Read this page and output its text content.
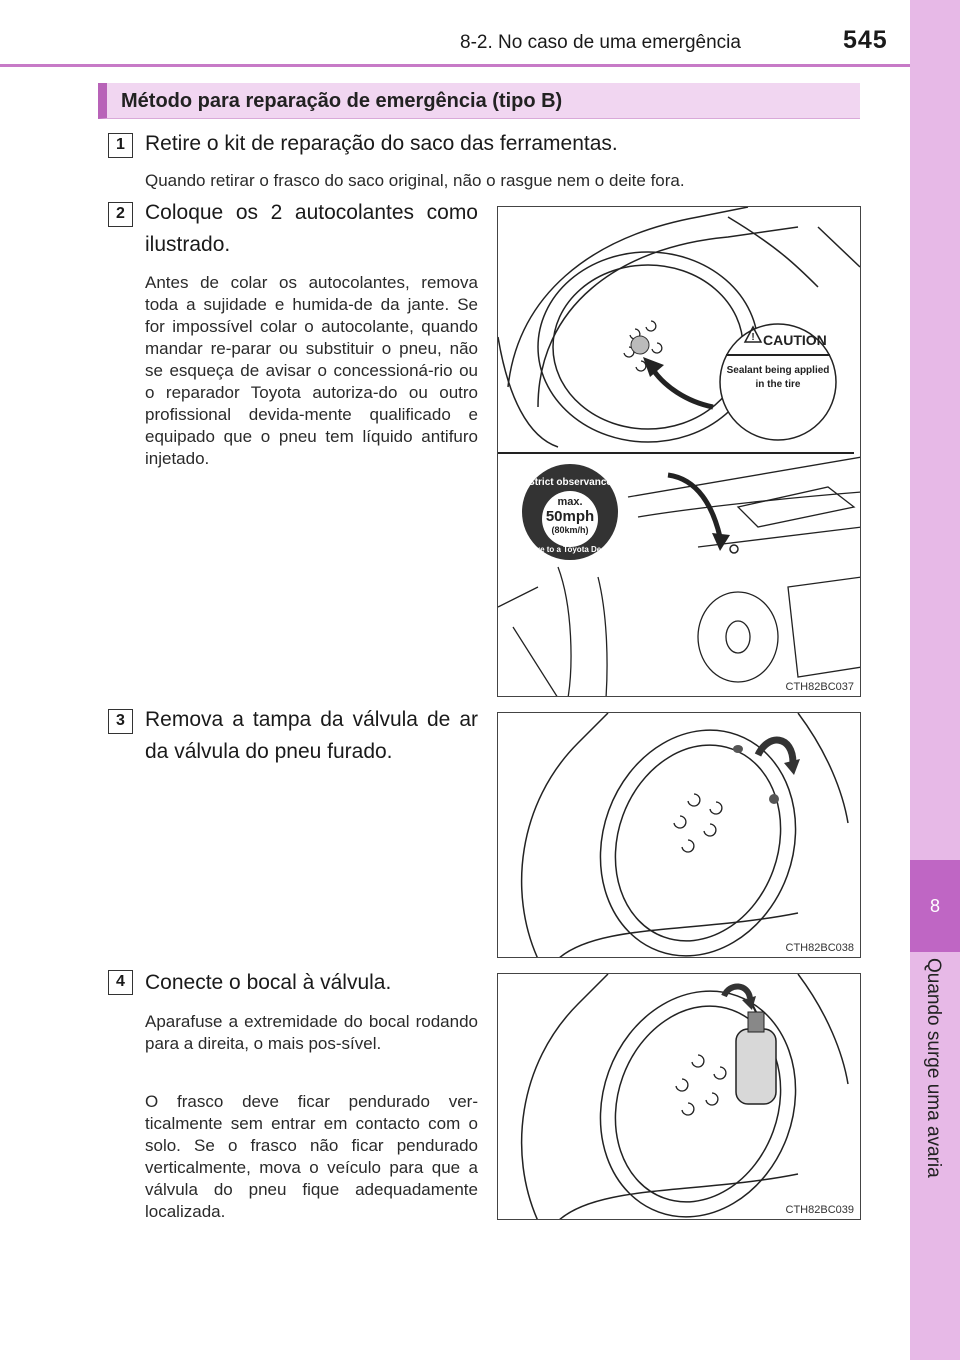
8-2. No caso de uma emergência	545
8
Quando surge uma avaria
Método para reparação de emergência (tipo B)
1 Retire o kit de reparação do saco das ferramentas.
Quando retirar o frasco do saco original, não o rasgue nem o deite fora.
2 Coloque os 2 autocolantes como ilustrado.
Antes de colar os autocolantes, remova toda a sujidade e humida-de da jante. Se for impossível colar o autocolante, quando mandar re-parar ou substituir o pneu, não se esqueça de avisar o concessioná-rio ou o reparador Toyota autoriza-do ou outro profissional devida-mente qualificado e equipado que o pneu tem líquido antifuro injetado.
! CAUTION
Sealant being applied
in the tire
Strict observance
max.
50mph
(80km/h)
Drive to a Toyota Dealer
CTH82BC037
3 Remova a tampa da válvula de ar da válvula do pneu furado.
CTH82BC038
4 Conecte o bocal à válvula.
Aparafuse a extremidade do bocal rodando para a direita, o mais pos-sível.
O frasco deve ficar pendurado ver-ticalmente sem entrar em contacto com o solo. Se o frasco não ficar pendurado verticalmente, mova o veículo para que a válvula do pneu fique adequadamente localizada.	CTH82BC039
